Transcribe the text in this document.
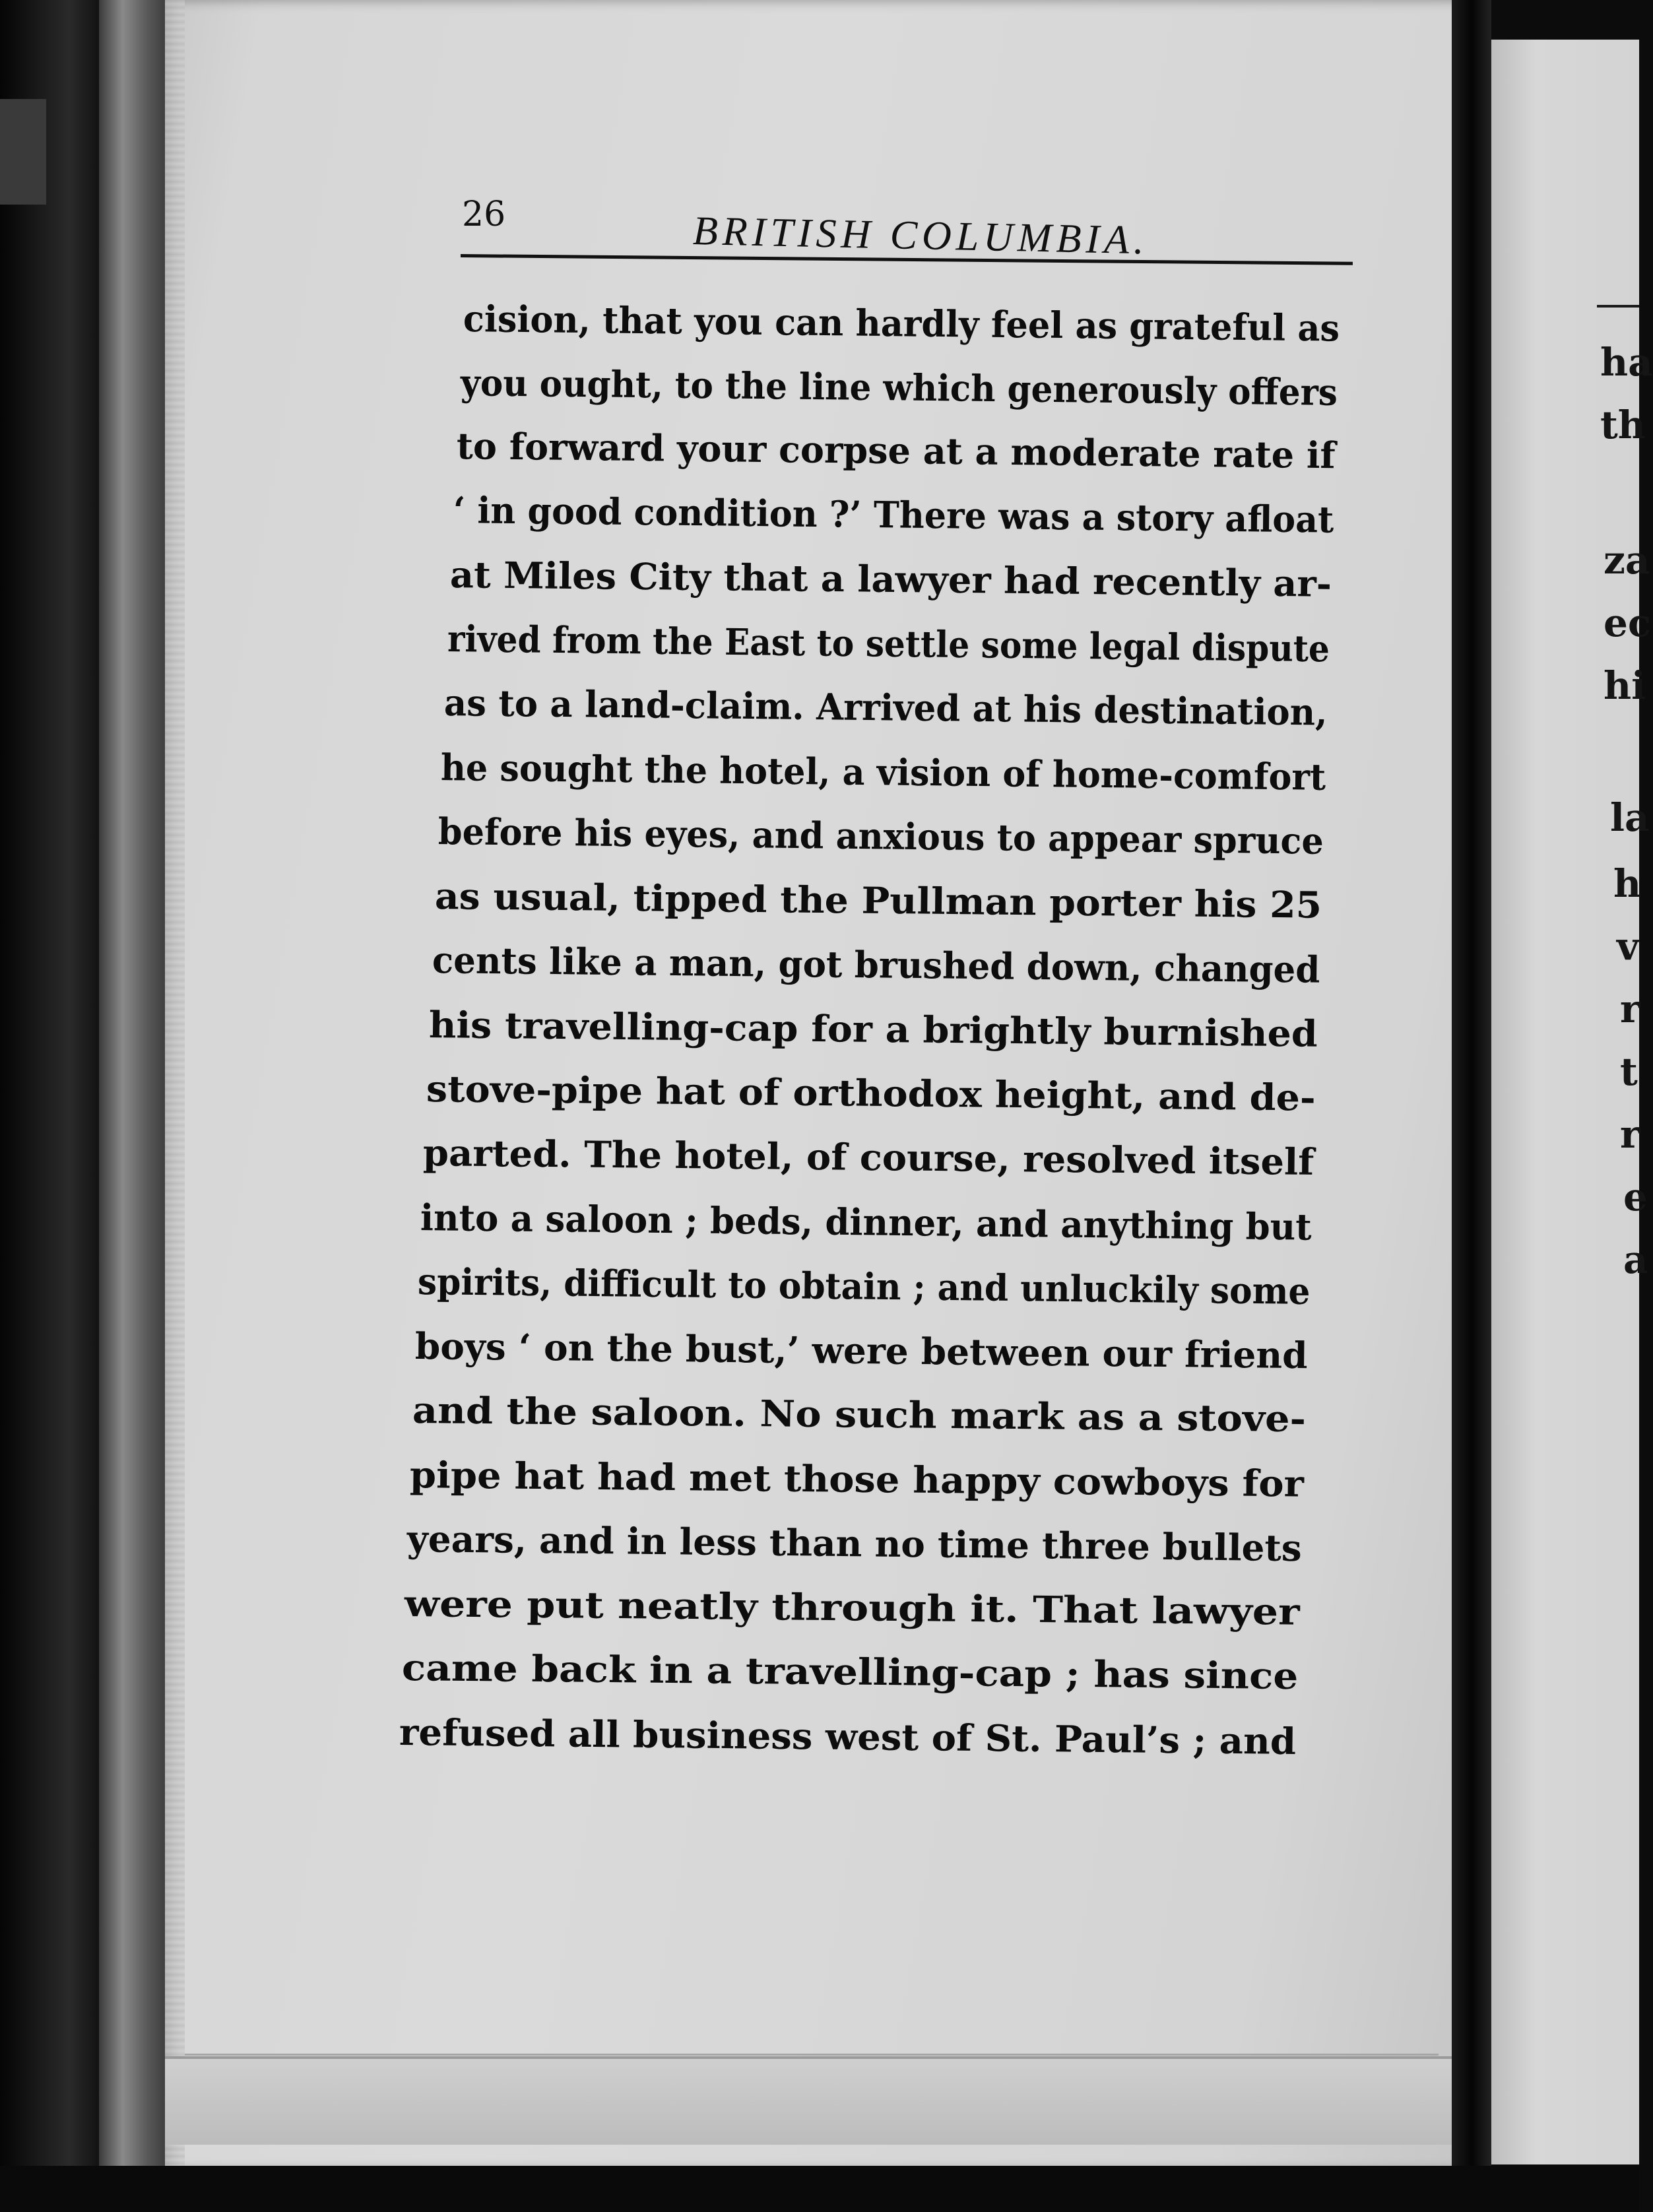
26	BRITISH COLUMBIA.
cision, that you can hardly feel as grateful as
you ought, to the line which generously offers
to forward your corpse at a moderate rate if
‘ in good condition ?’ There was a story afloat
at Miles City that a lawyer had recently ar-
rived from the East to settle some legal dispute
as to a land-claim. Arrived at his destination,
he sought the hotel, a vision of home-comfort
before his eyes, and anxious to appear spruce
as usual, tipped the Pullman porter his 25
cents like a man, got brushed down, changed
his travelling-cap for a brightly burnished
stove-pipe hat of orthodox height, and de-
parted. The hotel, of course, resolved itself
into a saloon ; beds, dinner, and anything but
spirits, difficult to obtain ; and unluckily some
boys ‘ on the bust,’ were between our friend
and the saloon. No such mark as a stove-
pipe hat had met those happy cowboys for
years, and in less than no time three bullets
were put neatly through it. That lawyer
came back in a travelling-cap ; has since
refused all business west of St. Paul’s ; and
ha
th
za
ec
hi
la
h
v
r
t
r
e
a
